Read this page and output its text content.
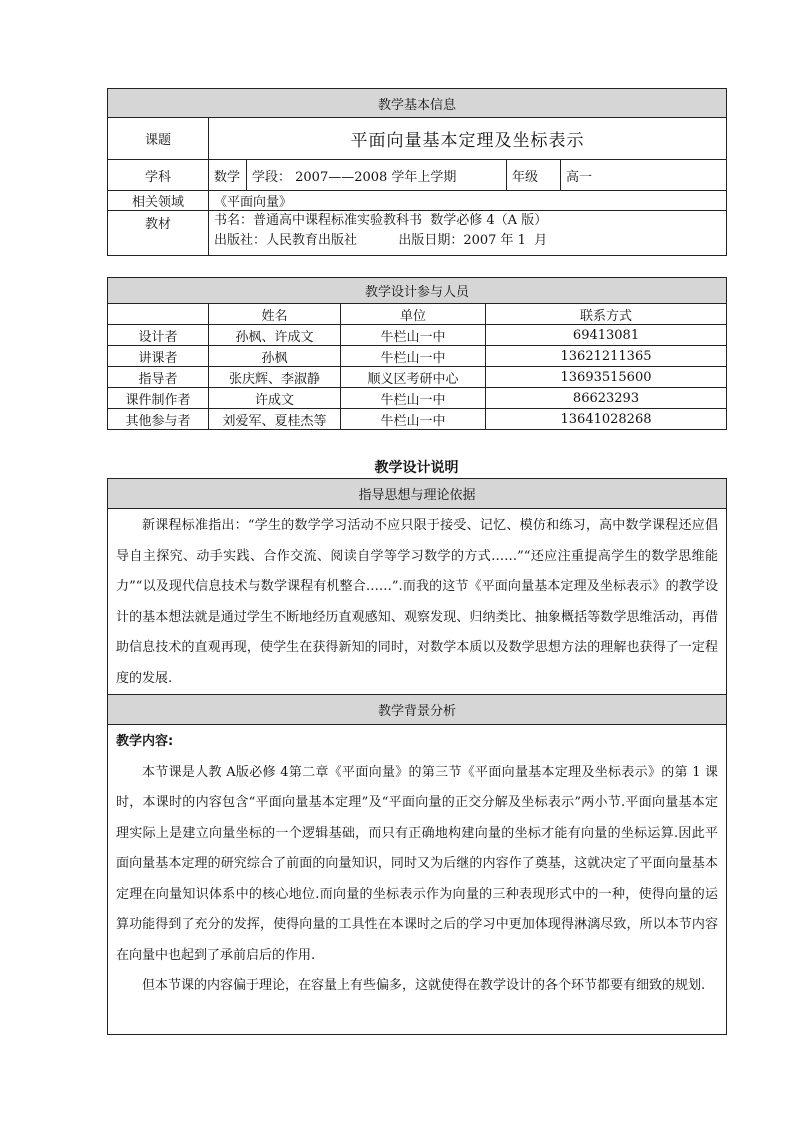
教学基本信息				
课题	平面向量基本定理及坐标表示			
学科	数学	学段： 2007——2008 学年上学期	年级	高一
相关领域	《平面向量》			
教材	书名：普通高中课程标准实验教科书  数学必修 4（A 版）
出版社：人民教育出版社          出版日期：2007 年 1  月			
教学设计参与人员			
	姓名	单位	联系方式
设计者	孙枫、许成文	牛栏山一中	69413081
讲课者	孙枫	牛栏山一中	13621211365
指导者	张庆辉、李淑静	顺义区考研中心	13693515600
课件制作者	许成文	牛栏山一中	86623293
其他参与者	刘爱军、夏桂杰等	牛栏山一中	13641028268
教学设计说明
指导思想与理论依据

新课程标准指出：“学生的数学学习活动不应只限于接受、记忆、模仿和练习，高中数学课程还应倡导自主探究、动手实践、合作交流、阅读自学等学习数学的方式……”“还应注重提高学生的数学思维能力”“以及现代信息技术与数学课程有机整合……”.而我的这节《平面向量基本定理及坐标表示》的教学设计的基本想法就是通过学生不断地经历直观感知、观察发现、归纳类比、抽象概括等数学思维活动，再借助信息技术的直观再现，使学生在获得新知的同时，对数学本质以及数学思想方法的理解也获得了一定程度的发展.

教学背景分析

教学内容:

本节课是人教 A版必修 4第二章《平面向量》的第三节《平面向量基本定理及坐标表示》的第 1 课时，本课时的内容包含“平面向量基本定理”及“平面向量的正交分解及坐标表示”两小节.平面向量基本定理实际上是建立向量坐标的一个逻辑基础，而只有正确地构建向量的坐标才能有向量的坐标运算.因此平面向量基本定理的研究综合了前面的向量知识，同时又为后继的内容作了奠基，这就决定了平面向量基本定理在向量知识体系中的核心地位.而向量的坐标表示作为向量的三种表现形式中的一种，使得向量的运算功能得到了充分的发挥，使得向量的工具性在本课时之后的学习中更加体现得淋漓尽致，所以本节内容在向量中也起到了承前启后的作用.

但本节课的内容偏于理论，在容量上有些偏多，这就使得在教学设计的各个环节都要有细致的规划.
